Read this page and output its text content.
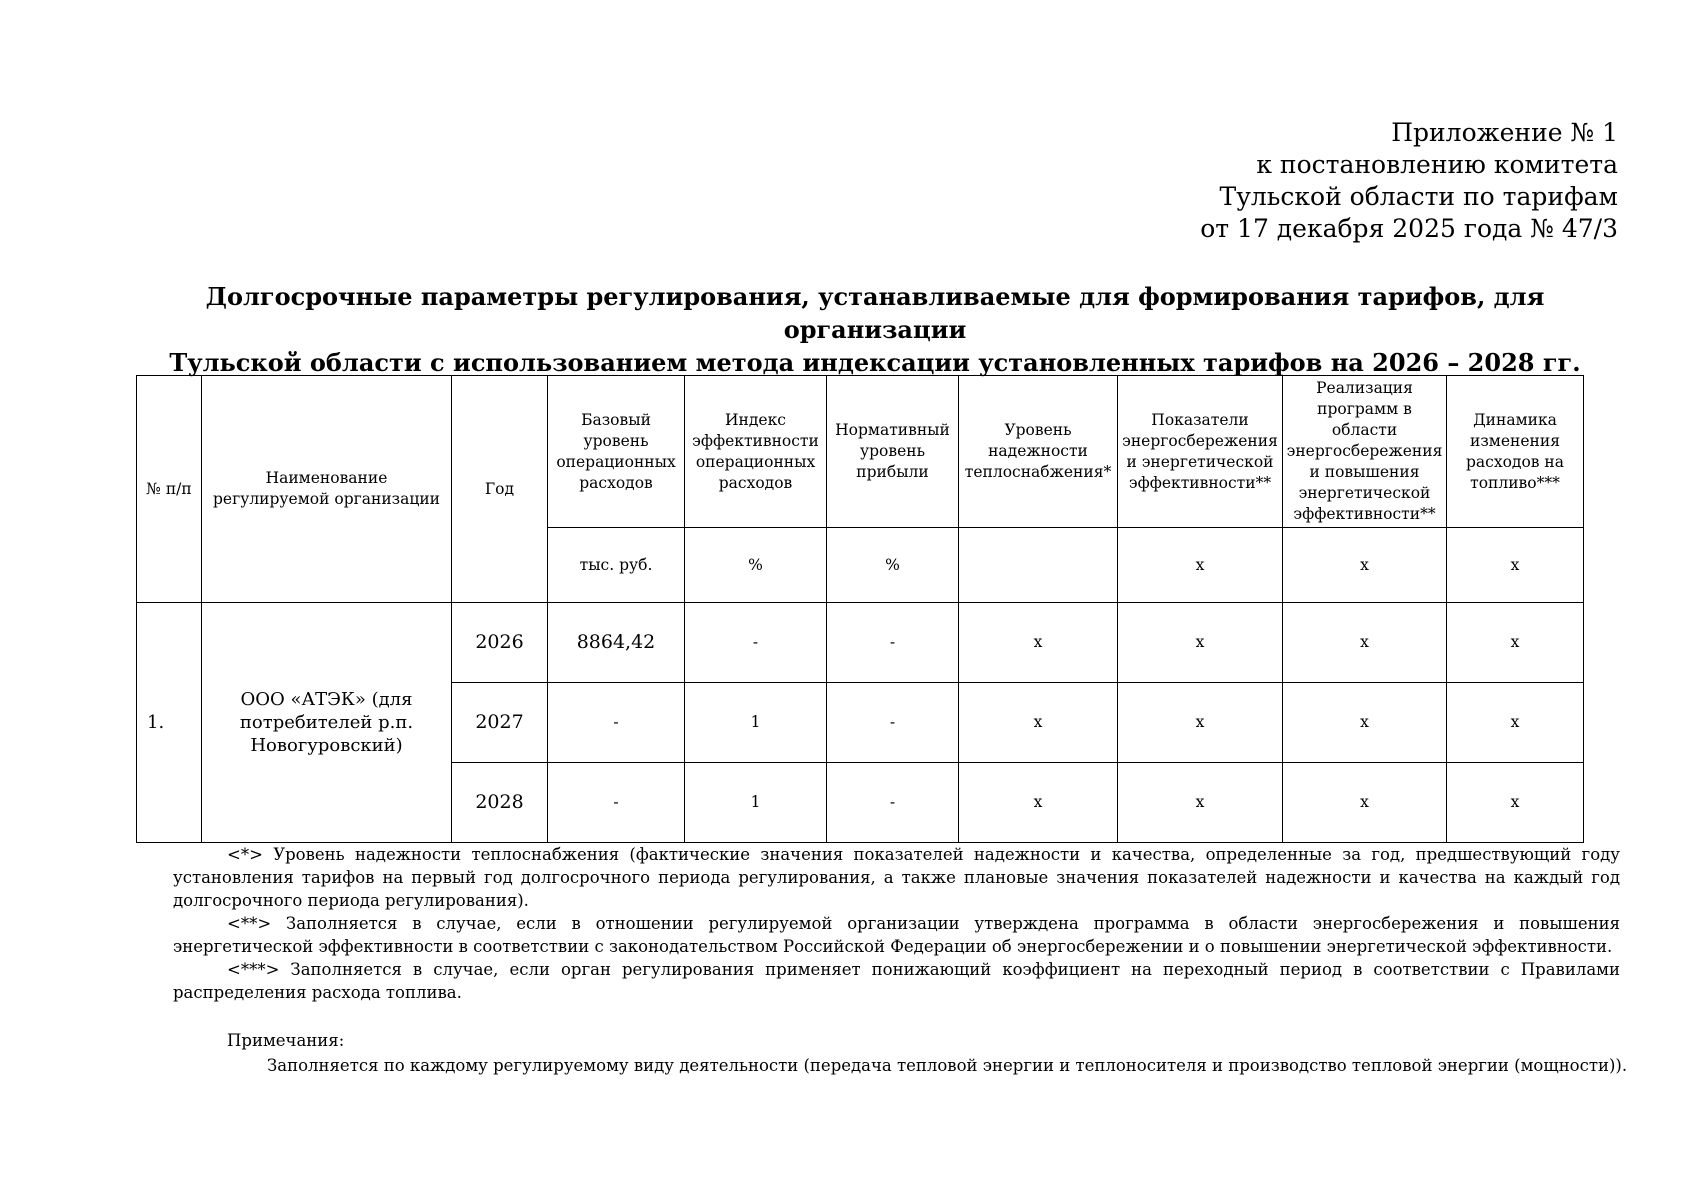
Приложение № 1
к постановлению комитета
Тульской области по тарифам
от 17 декабря 2025 года № 47/3
Долгосрочные параметры регулирования, устанавливаемые для формирования тарифов, для организации
Тульской области с использованием метода индексации установленных тарифов на 2026 – 2028 гг.
№ п/п	Наименование регулируемой организации	Год	Базовый уровень операционных расходов	Индекс эффективности операционных расходов	Нормативный уровень прибыли	Уровень надежности теплоснабжения*	Показатели энергосбережения и энергетической эффективности**	Реализация программ в области энергосбережения и повышения энергетической эффективности**	Динамика изменения расходов на топливо***
			тыс. руб.	%	%		х	х	х
1.	ООО «АТЭК» (для потребителей р.п. Новогуровский)	2026	8864,42	-	-	х	х	х	х
		2027	-	1	-	х	х	х	х
		2028	-	1	-	х	х	х	х

<*> Уровень надежности теплоснабжения (фактические значения показателей надежности и качества, определенные за год, предшествующий году установления тарифов на первый год долгосрочного периода регулирования, а также плановые значения показателей надежности и качества на каждый год долгосрочного периода регулирования).

<**> Заполняется в случае, если в отношении регулируемой организации утверждена программа в области энергосбережения и повышения энергетической эффективности в соответствии с законодательством Российской Федерации об энергосбережении и о повышении энергетической эффективности.

<***> Заполняется в случае, если орган регулирования применяет понижающий коэффициент на переходный период в соответствии с Правилами распределения расхода топлива.

Примечания:
Заполняется по каждому регулируемому виду деятельности (передача тепловой энергии и теплоносителя и производство тепловой энергии (мощности)).
